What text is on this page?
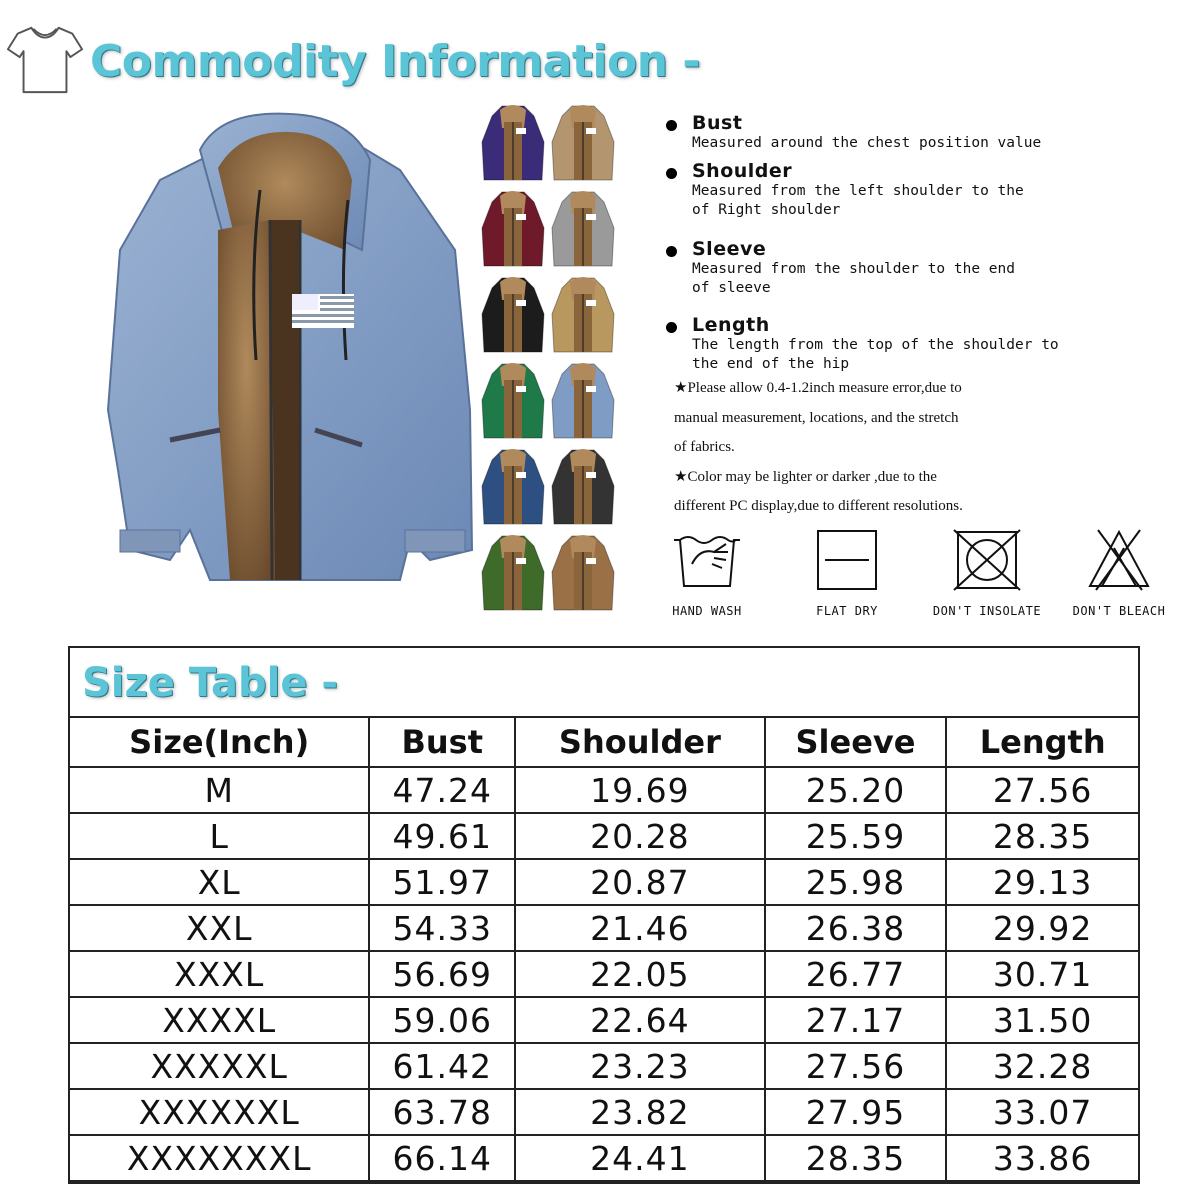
Commodity Information -
Bust
Measured around the chest position value
Shoulder
Measured from the left shoulder to the
of Right shoulder
Sleeve
Measured from the shoulder to the end
of sleeve
Length
The length from the top of the shoulder to
the end of the hip
★Please allow 0.4-1.2inch measure error,due to
manual measurement, locations, and the stretch
of fabrics.
★Color may be lighter or darker ,due to the
different PC display,due to different resolutions.
HAND WASH	FLAT DRY	DON'T INSOLATE	DON'T BLEACH
Size Table -
Size(Inch)	Bust	Shoulder	Sleeve	Length
M	47.24	19.69	25.20	27.56
L	49.61	20.28	25.59	28.35
XL	51.97	20.87	25.98	29.13
XXL	54.33	21.46	26.38	29.92
XXXL	56.69	22.05	26.77	30.71
XXXXL	59.06	22.64	27.17	31.50
XXXXXL	61.42	23.23	27.56	32.28
XXXXXXL	63.78	23.82	27.95	33.07
XXXXXXXL	66.14	24.41	28.35	33.86
